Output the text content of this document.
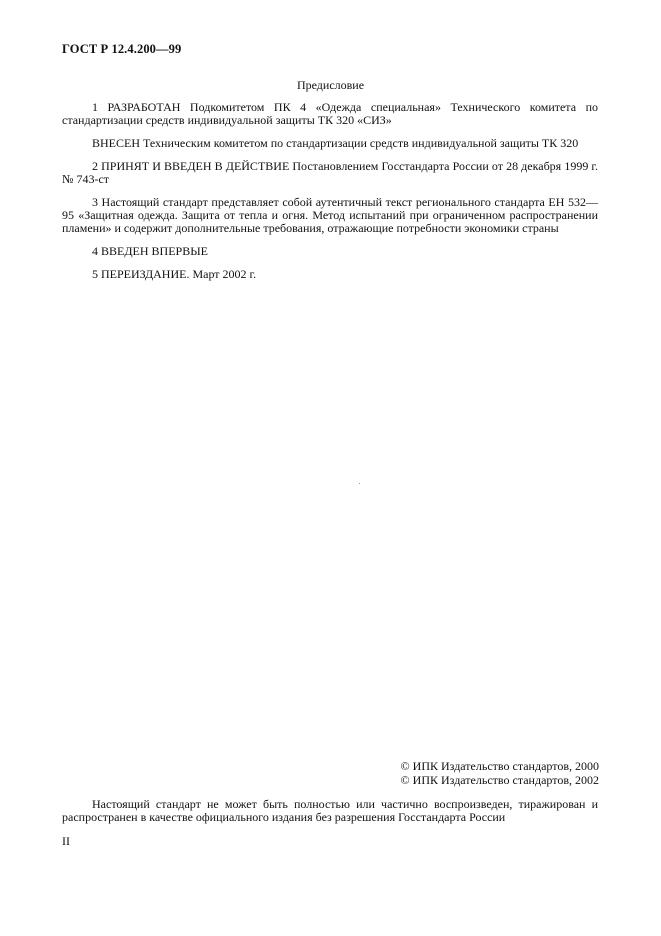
ГОСТ Р 12.4.200—99
Предисловие

1 РАЗРАБОТАН Подкомитетом ПК 4 «Одежда специальная» Технического комитета по стандартизации средств индивидуальной защиты ТК 320 «СИЗ»

ВНЕСЕН Техническим комитетом по стандартизации средств индивидуальной защиты ТК 320

2 ПРИНЯТ И ВВЕДЕН В ДЕЙСТВИЕ Постановлением Госстандарта России от 28 декабря 1999 г. № 743-ст

3 Настоящий стандарт представляет собой аутентичный текст регионального стандарта ЕН 532—95 «Защитная одежда. Защита от тепла и огня. Метод испытаний при ограниченном распространении пламени» и содержит дополнительные требования, отражающие потребности экономики страны

4 ВВЕДЕН ВПЕРВЫЕ

5 ПЕРЕИЗДАНИЕ. Март 2002 г.

© ИПК Издательство стандартов, 2000
© ИПК Издательство стандартов, 2002
Настоящий стандарт не может быть полностью или частично воспроизведен, тиражирован и распространен в качестве официального издания без разрешения Госстандарта России
II
